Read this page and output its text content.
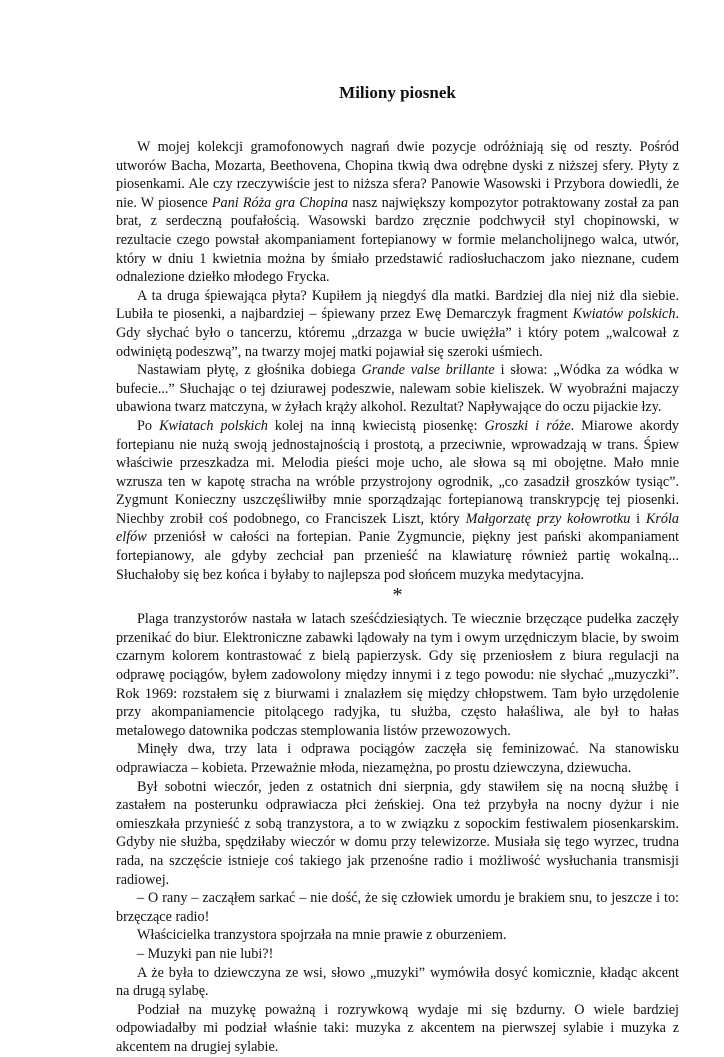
Miliony piosnek

W mojej kolekcji gramofonowych nagrań dwie pozycje odróżniają się od reszty. Pośród utworów Bacha, Mozarta, Beethovena, Chopina tkwią dwa odrębne dyski z niższej sfery. Płyty z piosenkami. Ale czy rzeczywiście jest to niższa sfera? Panowie Wasowski i Przybora dowiedli, że nie. W piosence Pani Róża gra Chopina nasz największy kompozytor potraktowany został za pan brat, z serdeczną poufałością. Wasowski bardzo zręcznie podchwycił styl chopinowski, w rezultacie czego powstał akompaniament fortepianowy w formie melancholijnego walca, utwór, który w dniu 1 kwietnia można by śmiało przedstawić radiosłuchaczom jako nieznane, cudem odnalezione dziełko młodego Frycka.

A ta druga śpiewająca płyta? Kupiłem ją niegdyś dla matki. Bardziej dla niej niż dla siebie. Lubiła te piosenki, a najbardziej – śpiewany przez Ewę Demarczyk fragment Kwiatów polskich. Gdy słychać było o tancerzu, któremu „drzazga w bucie uwiężła” i który potem „walcował z odwiniętą podeszwą”, na twarzy mojej matki pojawiał się szeroki uśmiech.

Nastawiam płytę, z głośnika dobiega Grande valse brillante i słowa: „Wódka za wódka w bufecie...” Słuchając o tej dziurawej podeszwie, nalewam sobie kieliszek. W wyobraźni majaczy ubawiona twarz matczyna, w żyłach krąży alkohol. Rezultat? Napływające do oczu pijackie łzy.

Po Kwiatach polskich kolej na inną kwiecistą piosenkę: Groszki i róże. Miarowe akordy fortepianu nie nużą swoją jednostajnością i prostotą, a przeciwnie, wprowadzają w trans. Śpiew właściwie przeszkadza mi. Melodia pieści moje ucho, ale słowa są mi obojętne. Mało mnie wzrusza ten w kapotę stracha na wróble przystrojony ogrodnik, „co zasadził groszków tysiąc”. Zygmunt Konieczny uszczęśliwiłby mnie sporządzając fortepianową transkrypcję tej piosenki. Niechby zrobił coś podobnego, co Franciszek Liszt, który Małgorzatę przy kołowrotku i Króla elfów przeniósł w całości na fortepian. Panie Zygmuncie, piękny jest pański akompaniament fortepianowy, ale gdyby zechciał pan przenieść na klawiaturę również partię wokalną... Słuchałoby się bez końca i byłaby to najlepsza pod słońcem muzyka medytacyjna.

*

Plaga tranzystorów nastała w latach sześćdziesiątych. Te wiecznie brzęczące pudełka zaczęły przenikać do biur. Elektroniczne zabawki lądowały na tym i owym urzędniczym blacie, by swoim czarnym kolorem kontrastować z bielą papierzysk. Gdy się przeniosłem z biura regulacji na odprawę pociągów, byłem zadowolony między innymi i z tego powodu: nie słychać „muzyczki”. Rok 1969: rozstałem się z biurwami i znalazłem się między chłopstwem. Tam było urzędolenie przy akompaniamencie pitolącego radyjka, tu służba, często hałaśliwa, ale był to hałas metalowego datownika podczas stemplowania listów przewozowych.

Minęły dwa, trzy lata i odprawa pociągów zaczęła się feminizować. Na stanowisku odprawiacza – kobieta. Przeważnie młoda, niezamężna, po prostu dziewczyna, dziewucha.

Był sobotni wieczór, jeden z ostatnich dni sierpnia, gdy stawiłem się na nocną służbę i zastałem na posterunku odprawiacza płci żeńskiej. Ona też przybyła na nocny dyżur i nie omieszkała przynieść z sobą tranzystora, a to w związku z sopockim festiwalem piosenkarskim. Gdyby nie służba, spędziłaby wieczór w domu przy telewizorze. Musiała się tego wyrzec, trudna rada, na szczęście istnieje coś takiego jak przenośne radio i możliwość wysłuchania transmisji radiowej.

– O rany – zacząłem sarkać – nie dość, że się człowiek umordu je brakiem snu, to jeszcze i to: brzęczące radio!

Właścicielka tranzystora spojrzała na mnie prawie z oburzeniem.

– Muzyki pan nie lubi?!

A że była to dziewczyna ze wsi, słowo „muzyki” wymówiła dosyć komicznie, kładąc akcent na drugą sylabę.

Podział na muzykę poważną i rozrywkową wydaje mi się bzdurny. O wiele bardziej odpowiadałby mi podział właśnie taki: muzyka z akcentem na pierwszej sylabie i muzyka z akcentem na drugiej sylabie.
